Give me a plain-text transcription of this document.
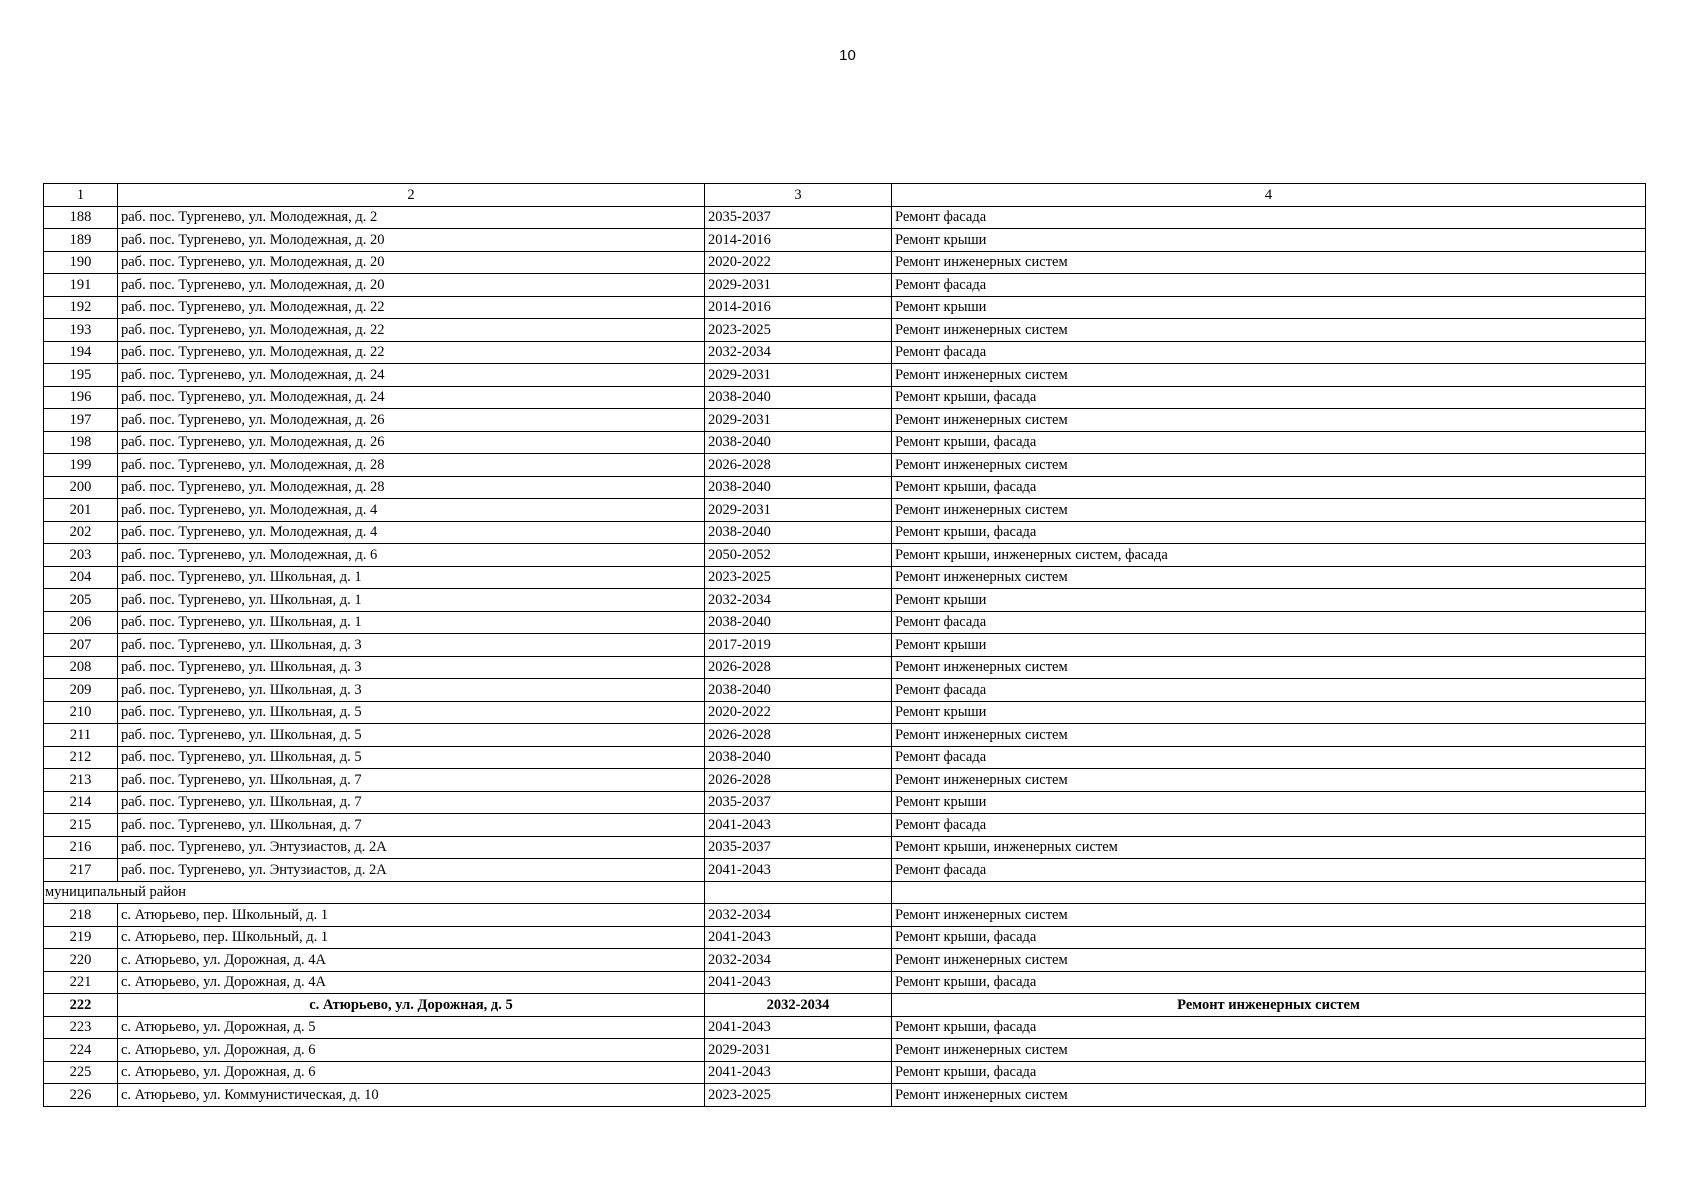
10
1	2	3	4
188	раб. пос. Тургенево, ул. Молодежная, д. 2	2035-2037	Ремонт фасада
189	раб. пос. Тургенево, ул. Молодежная, д. 20	2014-2016	Ремонт крыши
190	раб. пос. Тургенево, ул. Молодежная, д. 20	2020-2022	Ремонт инженерных систем
191	раб. пос. Тургенево, ул. Молодежная, д. 20	2029-2031	Ремонт фасада
192	раб. пос. Тургенево, ул. Молодежная, д. 22	2014-2016	Ремонт крыши
193	раб. пос. Тургенево, ул. Молодежная, д. 22	2023-2025	Ремонт инженерных систем
194	раб. пос. Тургенево, ул. Молодежная, д. 22	2032-2034	Ремонт фасада
195	раб. пос. Тургенево, ул. Молодежная, д. 24	2029-2031	Ремонт инженерных систем
196	раб. пос. Тургенево, ул. Молодежная, д. 24	2038-2040	Ремонт крыши, фасада
197	раб. пос. Тургенево, ул. Молодежная, д. 26	2029-2031	Ремонт инженерных систем
198	раб. пос. Тургенево, ул. Молодежная, д. 26	2038-2040	Ремонт крыши, фасада
199	раб. пос. Тургенево, ул. Молодежная, д. 28	2026-2028	Ремонт инженерных систем
200	раб. пос. Тургенево, ул. Молодежная, д. 28	2038-2040	Ремонт крыши, фасада
201	раб. пос. Тургенево, ул. Молодежная, д. 4	2029-2031	Ремонт инженерных систем
202	раб. пос. Тургенево, ул. Молодежная, д. 4	2038-2040	Ремонт крыши, фасада
203	раб. пос. Тургенево, ул. Молодежная, д. 6	2050-2052	Ремонт крыши, инженерных систем, фасада
204	раб. пос. Тургенево, ул. Школьная, д. 1	2023-2025	Ремонт инженерных систем
205	раб. пос. Тургенево, ул. Школьная, д. 1	2032-2034	Ремонт крыши
206	раб. пос. Тургенево, ул. Школьная, д. 1	2038-2040	Ремонт фасада
207	раб. пос. Тургенево, ул. Школьная, д. 3	2017-2019	Ремонт крыши
208	раб. пос. Тургенево, ул. Школьная, д. 3	2026-2028	Ремонт инженерных систем
209	раб. пос. Тургенево, ул. Школьная, д. 3	2038-2040	Ремонт фасада
210	раб. пос. Тургенево, ул. Школьная, д. 5	2020-2022	Ремонт крыши
211	раб. пос. Тургенево, ул. Школьная, д. 5	2026-2028	Ремонт инженерных систем
212	раб. пос. Тургенево, ул. Школьная, д. 5	2038-2040	Ремонт фасада
213	раб. пос. Тургенево, ул. Школьная, д. 7	2026-2028	Ремонт инженерных систем
214	раб. пос. Тургенево, ул. Школьная, д. 7	2035-2037	Ремонт крыши
215	раб. пос. Тургенево, ул. Школьная, д. 7	2041-2043	Ремонт фасада
216	раб. пос. Тургенево, ул. Энтузиастов, д. 2А	2035-2037	Ремонт крыши, инженерных систем
217	раб. пос. Тургенево, ул. Энтузиастов, д. 2А	2041-2043	Ремонт фасада
муниципальный район			
218	с. Атюрьево, пер. Школьный, д. 1	2032-2034	Ремонт инженерных систем
219	с. Атюрьево, пер. Школьный, д. 1	2041-2043	Ремонт крыши, фасада
220	с. Атюрьево, ул. Дорожная, д. 4А	2032-2034	Ремонт инженерных систем
221	с. Атюрьево, ул. Дорожная, д. 4А	2041-2043	Ремонт крыши, фасада
222	с. Атюрьево, ул. Дорожная, д. 5	2032-2034	Ремонт инженерных систем
223	с. Атюрьево, ул. Дорожная, д. 5	2041-2043	Ремонт крыши, фасада
224	с. Атюрьево, ул. Дорожная, д. 6	2029-2031	Ремонт инженерных систем
225	с. Атюрьево, ул. Дорожная, д. 6	2041-2043	Ремонт крыши, фасада
226	с. Атюрьево, ул. Коммунистическая, д. 10	2023-2025	Ремонт инженерных систем
